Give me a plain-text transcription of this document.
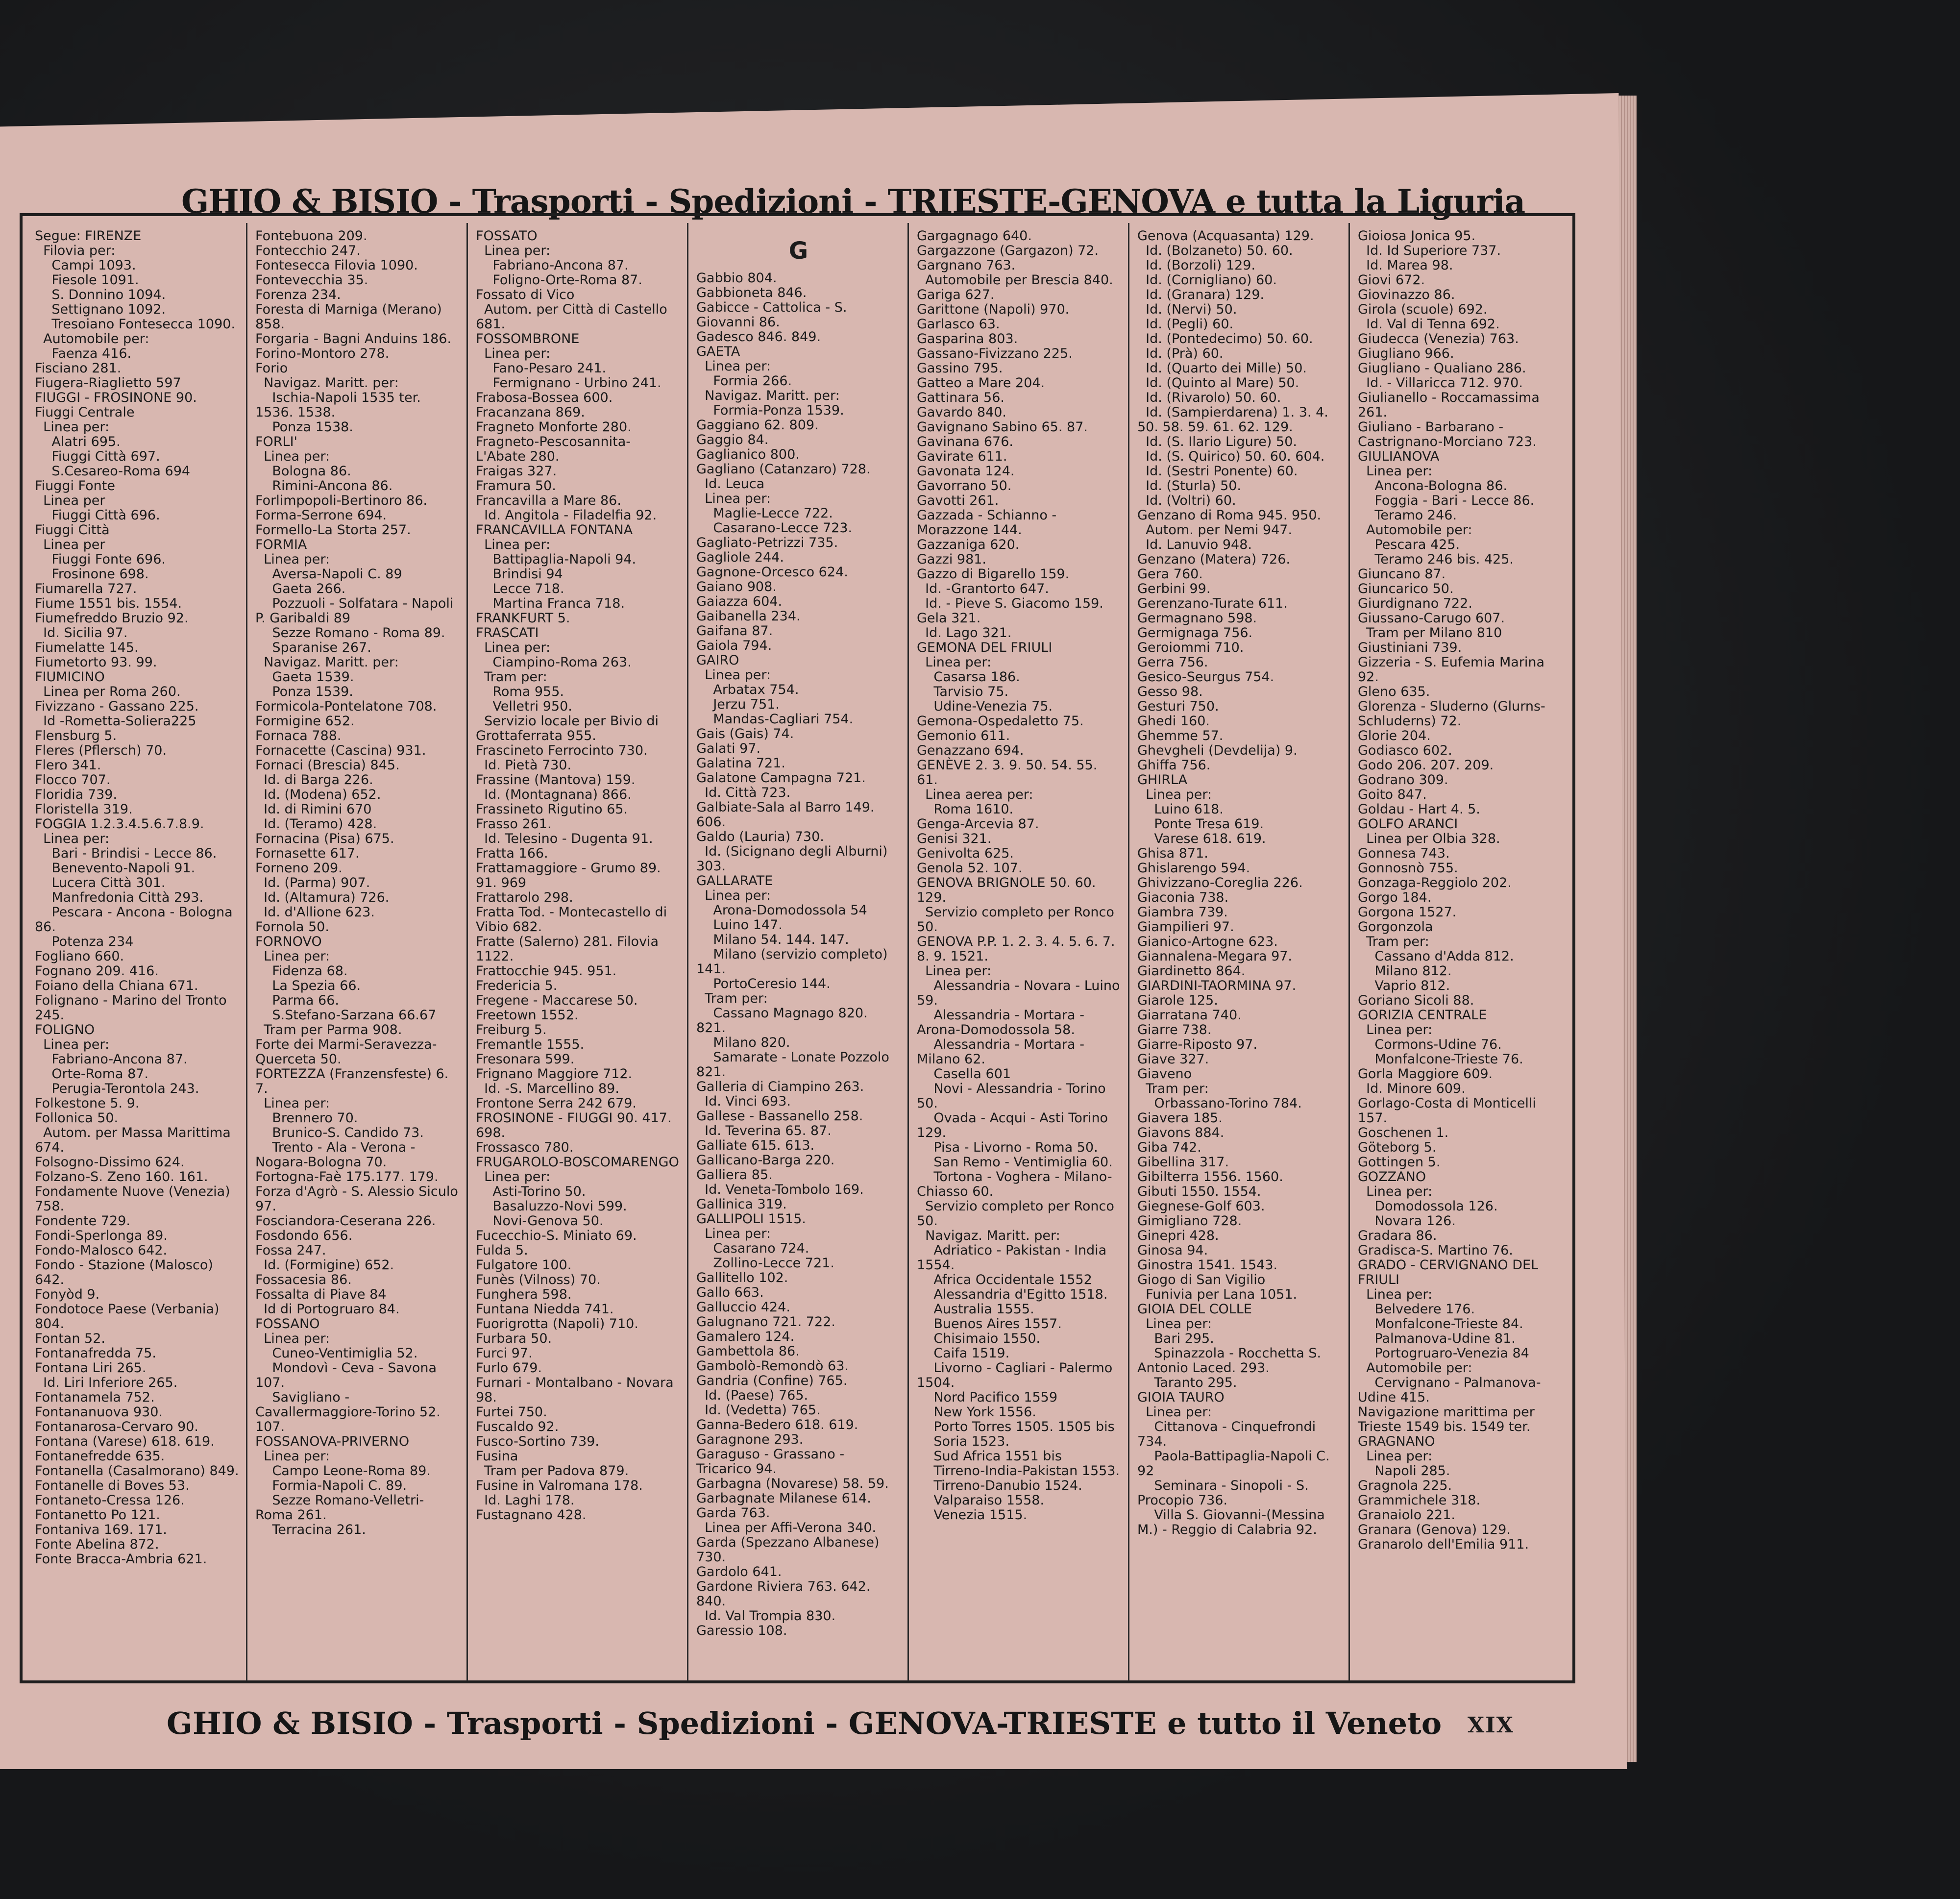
GHIO & BISIO - Trasporti - Spedizioni - TRIESTE-GENOVA e tutta la Liguria
Segue: FIRENZE
Filovia per:
Campi 1093.
Fiesole 1091.
S. Donnino 1094.
Settignano 1092.
Tresoiano Fontesecca 1090.
Automobile per:
Faenza 416.
Fisciano 281.
Fiugera-Riaglietto 597
FIUGGI - FROSINONE 90.
Fiuggi Centrale
Linea per:
Alatri 695.
Fiuggi Città 697.
S.Cesareo-Roma 694
Fiuggi Fonte
Linea per
Fiuggi Città 696.
Fiuggi Città
Linea per
Fiuggi Fonte 696.
Frosinone 698.
Fiumarella 727.
Fiume 1551 bis. 1554.
Fiumefreddo Bruzio 92.
Id. Sicilia 97.
Fiumelatte 145.
Fiumetorto 93. 99.
FIUMICINO
Linea per Roma 260.
Fivizzano - Gassano 225.
Id -Rometta-Soliera225
Flensburg 5.
Fleres (Pflersch) 70.
Flero 341.
Flocco 707.
Floridia 739.
Floristella 319.
FOGGIA 1.2.3.4.5.6.7.8.9.
Linea per:
Bari - Brindisi - Lecce 86.
Benevento-Napoli 91.
Lucera Città 301.
Manfredonia Città 293.
Pescara - Ancona - Bologna 86.
Potenza 234
Fogliano 660.
Fognano 209. 416.
Foiano della Chiana 671.
Folignano - Marino del Tronto 245.
FOLIGNO
Linea per:
Fabriano-Ancona 87.
Orte-Roma 87.
Perugia-Terontola 243.
Folkestone 5. 9.
Follonica 50.
Autom. per Massa Marittima 674.
Folsogno-Dissimo 624.
Folzano-S. Zeno 160. 161.
Fondamente Nuove (Venezia) 758.
Fondente 729.
Fondi-Sperlonga 89.
Fondo-Malosco 642.
Fondo - Stazione (Malosco) 642.
Fonyòd 9.
Fondotoce Paese (Verbania) 804.
Fontan 52.
Fontanafredda 75.
Fontana Liri 265.
Id. Liri Inferiore 265.
Fontanamela 752.
Fontananuova 930.
Fontanarosa-Cervaro 90.
Fontana (Varese) 618. 619.
Fontanefredde 635.
Fontanella (Casalmorano) 849.
Fontanelle di Boves 53.
Fontaneto-Cressa 126.
Fontanetto Po 121.
Fontaniva 169. 171.
Fonte Abelina 872.
Fonte Bracca-Ambria 621.
Fontebuona 209.
Fontecchio 247.
Fontesecca Filovia 1090.
Fontevecchia 35.
Forenza 234.
Foresta di Marniga (Merano) 858.
Forgaria - Bagni Anduins 186.
Forino-Montoro 278.
Forio
Navigaz. Maritt. per:
Ischia-Napoli 1535 ter. 1536. 1538.
Ponza 1538.
FORLI'
Linea per:
Bologna 86.
Rimini-Ancona 86.
Forlimpopoli-Bertinoro 86.
Forma-Serrone 694.
Formello-La Storta 257.
FORMIA
Linea per:
Aversa-Napoli C. 89
Gaeta 266.
Pozzuoli - Solfatara - Napoli P. Garibaldi 89
Sezze Romano - Roma 89.
Sparanise 267.
Navigaz. Maritt. per:
Gaeta 1539.
Ponza 1539.
Formicola-Pontelatone 708.
Formigine 652.
Fornaca 788.
Fornacette (Cascina) 931.
Fornaci (Brescia) 845.
Id. di Barga 226.
Id. (Modena) 652.
Id. di Rimini 670
Id. (Teramo) 428.
Fornacina (Pisa) 675.
Fornasette 617.
Forneno 209.
Id. (Parma) 907.
Id. (Altamura) 726.
Id. d'Allione 623.
Fornola 50.
FORNOVO
Linea per:
Fidenza 68.
La Spezia 66.
Parma 66.
S.Stefano-Sarzana 66.67
Tram per Parma 908.
Forte dei Marmi-Seravezza-Querceta 50.
FORTEZZA (Franzensfeste) 6. 7.
Linea per:
Brennero 70.
Brunico-S. Candido 73.
Trento - Ala - Verona - Nogara-Bologna 70.
Fortogna-Faè 175.177. 179.
Forza d'Agrò - S. Alessio Siculo 97.
Fosciandora-Ceserana 226.
Fosdondo 656.
Fossa 247.
Id. (Formigine) 652.
Fossacesia 86.
Fossalta di Piave 84
Id di Portogruaro 84.
FOSSANO
Linea per:
Cuneo-Ventimiglia 52.
Mondovì - Ceva - Savona 107.
Savigliano - Cavallermaggiore-Torino 52. 107.
FOSSANOVA-PRIVERNO
Linea per:
Campo Leone-Roma 89.
Formia-Napoli C. 89.
Sezze Romano-Velletri-Roma 261.
Terracina 261.
FOSSATO
Linea per:
Fabriano-Ancona 87.
Foligno-Orte-Roma 87.
Fossato di Vico
Autom. per Città di Castello 681.
FOSSOMBRONE
Linea per:
Fano-Pesaro 241.
Fermignano - Urbino 241.
Frabosa-Bossea 600.
Fracanzana 869.
Fragneto Monforte 280.
Fragneto-Pescosannita-L'Abate 280.
Fraigas 327.
Framura 50.
Francavilla a Mare 86.
Id. Angitola - Filadelfia 92.
FRANCAVILLA FONTANA
Linea per:
Battipaglia-Napoli 94.
Brindisi 94
Lecce 718.
Martina Franca 718.
FRANKFURT 5.
FRASCATI
Linea per:
Ciampino-Roma 263.
Tram per:
Roma 955.
Velletri 950.
Servizio locale per Bivio di Grottaferrata 955.
Frascineto Ferrocinto 730.
Id. Pietà 730.
Frassine (Mantova) 159.
Id. (Montagnana) 866.
Frassineto Rigutino 65.
Frasso 261.
Id. Telesino - Dugenta 91.
Fratta 166.
Frattamaggiore - Grumo 89. 91. 969
Frattarolo 298.
Fratta Tod. - Montecastello di Vibio 682.
Fratte (Salerno) 281. Filovia 1122.
Frattocchie 945. 951.
Fredericia 5.
Fregene - Maccarese 50.
Freetown 1552.
Freiburg 5.
Fremantle 1555.
Fresonara 599.
Frignano Maggiore 712.
Id. -S. Marcellino 89.
Frontone Serra 242 679.
FROSINONE - FIUGGI 90. 417. 698.
Frossasco 780.
FRUGAROLO-BOSCOMARENGO
Linea per:
Asti-Torino 50.
Basaluzzo-Novi 599.
Novi-Genova 50.
Fucecchio-S. Miniato 69.
Fulda 5.
Fulgatore 100.
Funès (Vilnoss) 70.
Funghera 598.
Funtana Niedda 741.
Fuorigrotta (Napoli) 710.
Furbara 50.
Furci 97.
Furlo 679.
Furnari - Montalbano - Novara 98.
Furtei 750.
Fuscaldo 92.
Fusco-Sortino 739.
Fusina
Tram per Padova 879.
Fusine in Valromana 178.
Id. Laghi 178.
Fustagnano 428.
G
Gabbio 804.
Gabbioneta 846.
Gabicce - Cattolica - S. Giovanni 86.
Gadesco 846. 849.
GAETA
Linea per:
Formia 266.
Navigaz. Maritt. per:
Formia-Ponza 1539.
Gaggiano 62. 809.
Gaggio 84.
Gaglianico 800.
Gagliano (Catanzaro) 728.
Id. Leuca
Linea per:
Maglie-Lecce 722.
Casarano-Lecce 723.
Gagliato-Petrizzi 735.
Gagliole 244.
Gagnone-Orcesco 624.
Gaiano 908.
Gaiazza 604.
Gaibanella 234.
Gaifana 87.
Gaiola 794.
GAIRO
Linea per:
Arbatax 754.
Jerzu 751.
Mandas-Cagliari 754.
Gais (Gais) 74.
Galati 97.
Galatina 721.
Galatone Campagna 721.
Id. Città 723.
Galbiate-Sala al Barro 149. 606.
Galdo (Lauria) 730.
Id. (Sicignano degli Alburni) 303.
GALLARATE
Linea per:
Arona-Domodossola 54
Luino 147.
Milano 54. 144. 147.
Milano (servizio completo) 141.
PortoCeresio 144.
Tram per:
Cassano Magnago 820. 821.
Milano 820.
Samarate - Lonate Pozzolo 821.
Galleria di Ciampino 263.
Id. Vinci 693.
Gallese - Bassanello 258.
Id. Teverina 65. 87.
Galliate 615. 613.
Gallicano-Barga 220.
Galliera 85.
Id. Veneta-Tombolo 169.
Gallinica 319.
GALLIPOLI 1515.
Linea per:
Casarano 724.
Zollino-Lecce 721.
Gallitello 102.
Gallo 663.
Galluccio 424.
Galugnano 721. 722.
Gamalero 124.
Gambettola 86.
Gambolò-Remondò 63.
Gandria (Confine) 765.
Id. (Paese) 765.
Id. (Vedetta) 765.
Ganna-Bedero 618. 619.
Garagnone 293.
Garaguso - Grassano - Tricarico 94.
Garbagna (Novarese) 58. 59.
Garbagnate Milanese 614.
Garda 763.
Linea per Affi-Verona 340.
Garda (Spezzano Albanese) 730.
Gardolo 641.
Gardone Riviera 763. 642. 840.
Id. Val Trompia 830.
Garessio 108.
Gargagnago 640.
Gargazzone (Gargazon) 72.
Gargnano 763.
Automobile per Brescia 840.
Gariga 627.
Garittone (Napoli) 970.
Garlasco 63.
Gasparina 803.
Gassano-Fivizzano 225.
Gassino 795.
Gatteo a Mare 204.
Gattinara 56.
Gavardo 840.
Gavignano Sabino 65. 87.
Gavinana 676.
Gavirate 611.
Gavonata 124.
Gavorrano 50.
Gavotti 261.
Gazzada - Schianno - Morazzone 144.
Gazzaniga 620.
Gazzi 981.
Gazzo di Bigarello 159.
Id. -Grantorto 647.
Id. - Pieve S. Giacomo 159.
Gela 321.
Id. Lago 321.
GEMONA DEL FRIULI
Linea per:
Casarsa 186.
Tarvisio 75.
Udine-Venezia 75.
Gemona-Ospedaletto 75.
Gemonio 611.
Genazzano 694.
GENÈVE 2. 3. 9. 50. 54. 55. 61.
Linea aerea per:
Roma 1610.
Genga-Arcevia 87.
Genisi 321.
Genivolta 625.
Genola 52. 107.
GENOVA BRIGNOLE 50. 60. 129.
Servizio completo per Ronco 50.
GENOVA P.P. 1. 2. 3. 4. 5. 6. 7. 8. 9. 1521.
Linea per:
Alessandria - Novara - Luino 59.
Alessandria - Mortara - Arona-Domodossola 58.
Alessandria - Mortara - Milano 62.
Casella 601
Novi - Alessandria - Torino 50.
Ovada - Acqui - Asti Torino 129.
Pisa - Livorno - Roma 50.
San Remo - Ventimiglia 60.
Tortona - Voghera - Milano-Chiasso 60.
Servizio completo per Ronco 50.
Navigaz. Maritt. per:
Adriatico - Pakistan - India 1554.
Africa Occidentale 1552
Alessandria d'Egitto 1518.
Australia 1555.
Buenos Aires 1557.
Chisimaio 1550.
Caifa 1519.
Livorno - Cagliari - Palermo 1504.
Nord Pacifico 1559
New York 1556.
Porto Torres 1505. 1505 bis
Soria 1523.
Sud Africa 1551 bis
Tirreno-India-Pakistan 1553.
Tirreno-Danubio 1524.
Valparaiso 1558.
Venezia 1515.
Genova (Acquasanta) 129.
Id. (Bolzaneto) 50. 60.
Id. (Borzoli) 129.
Id. (Cornigliano) 60.
Id. (Granara) 129.
Id. (Nervi) 50.
Id. (Pegli) 60.
Id. (Pontedecimo) 50. 60.
Id. (Prà) 60.
Id. (Quarto dei Mille) 50.
Id. (Quinto al Mare) 50.
Id. (Rivarolo) 50. 60.
Id. (Sampierdarena) 1. 3. 4. 50. 58. 59. 61. 62. 129.
Id. (S. Ilario Ligure) 50.
Id. (S. Quirico) 50. 60. 604.
Id. (Sestri Ponente) 60.
Id. (Sturla) 50.
Id. (Voltri) 60.
Genzano di Roma 945. 950.
Autom. per Nemi 947.
Id. Lanuvio 948.
Genzano (Matera) 726.
Gera 760.
Gerbini 99.
Gerenzano-Turate 611.
Germagnano 598.
Germignaga 756.
Geroiommi 710.
Gerra 756.
Gesico-Seurgus 754.
Gesso 98.
Gesturi 750.
Ghedi 160.
Ghemme 57.
Ghevgheli (Devdelija) 9.
Ghiffa 756.
GHIRLA
Linea per:
Luino 618.
Ponte Tresa 619.
Varese 618. 619.
Ghisa 871.
Ghislarengo 594.
Ghivizzano-Coreglia 226.
Giaconia 738.
Giambra 739.
Giampilieri 97.
Gianico-Artogne 623.
Giannalena-Megara 97.
Giardinetto 864.
GIARDINI-TAORMINA 97.
Giarole 125.
Giarratana 740.
Giarre 738.
Giarre-Riposto 97.
Giave 327.
Giaveno
Tram per:
Orbassano-Torino 784.
Giavera 185.
Giavons 884.
Giba 742.
Gibellina 317.
Gibilterra 1556. 1560.
Gibuti 1550. 1554.
Giegnese-Golf 603.
Gimigliano 728.
Ginepri 428.
Ginosa 94.
Ginostra 1541. 1543.
Giogo di San Vigilio
Funivia per Lana 1051.
GIOIA DEL COLLE
Linea per:
Bari 295.
Spinazzola - Rocchetta S. Antonio Laced. 293.
Taranto 295.
GIOIA TAURO
Linea per:
Cittanova - Cinquefrondi 734.
Paola-Battipaglia-Napoli C. 92
Seminara - Sinopoli - S. Procopio 736.
Villa S. Giovanni-(Messina M.) - Reggio di Calabria 92.
Gioiosa Jonica 95.
Id. Id Superiore 737.
Id. Marea 98.
Giovi 672.
Giovinazzo 86.
Girola (scuole) 692.
Id. Val di Tenna 692.
Giudecca (Venezia) 763.
Giugliano 966.
Giugliano - Qualiano 286.
Id. - Villaricca 712. 970.
Giulianello - Roccamassima 261.
Giuliano - Barbarano - Castrignano-Morciano 723.
GIULIANOVA
Linea per:
Ancona-Bologna 86.
Foggia - Bari - Lecce 86.
Teramo 246.
Automobile per:
Pescara 425.
Teramo 246 bis. 425.
Giuncano 87.
Giuncarico 50.
Giurdignano 722.
Giussano-Carugo 607.
Tram per Milano 810
Giustiniani 739.
Gizzeria - S. Eufemia Marina 92.
Gleno 635.
Glorenza - Sluderno (Glurns-Schluderns) 72.
Glorie 204.
Godiasco 602.
Godo 206. 207. 209.
Godrano 309.
Goito 847.
Goldau - Hart 4. 5.
GOLFO ARANCI
Linea per Olbia 328.
Gonnesa 743.
Gonnosnò 755.
Gonzaga-Reggiolo 202.
Gorgo 184.
Gorgona 1527.
Gorgonzola
Tram per:
Cassano d'Adda 812.
Milano 812.
Vaprio 812.
Goriano Sicoli 88.
GORIZIA CENTRALE
Linea per:
Cormons-Udine 76.
Monfalcone-Trieste 76.
Gorla Maggiore 609.
Id. Minore 609.
Gorlago-Costa di Monticelli 157.
Goschenen 1.
Göteborg 5.
Gottingen 5.
GOZZANO
Linea per:
Domodossola 126.
Novara 126.
Gradara 86.
Gradisca-S. Martino 76.
GRADO - CERVIGNANO DEL FRIULI
Linea per:
Belvedere 176.
Monfalcone-Trieste 84.
Palmanova-Udine 81.
Portogruaro-Venezia 84
Automobile per:
Cervignano - Palmanova-Udine 415.
Navigazione marittima per Trieste 1549 bis. 1549 ter.
GRAGNANO
Linea per:
Napoli 285.
Gragnola 225.
Grammichele 318.
Granaiolo 221.
Granara (Genova) 129.
Granarolo dell'Emilia 911.
GHIO & BISIO - Trasporti - Spedizioni - GENOVA-TRIESTE e tutto il Veneto XIX
